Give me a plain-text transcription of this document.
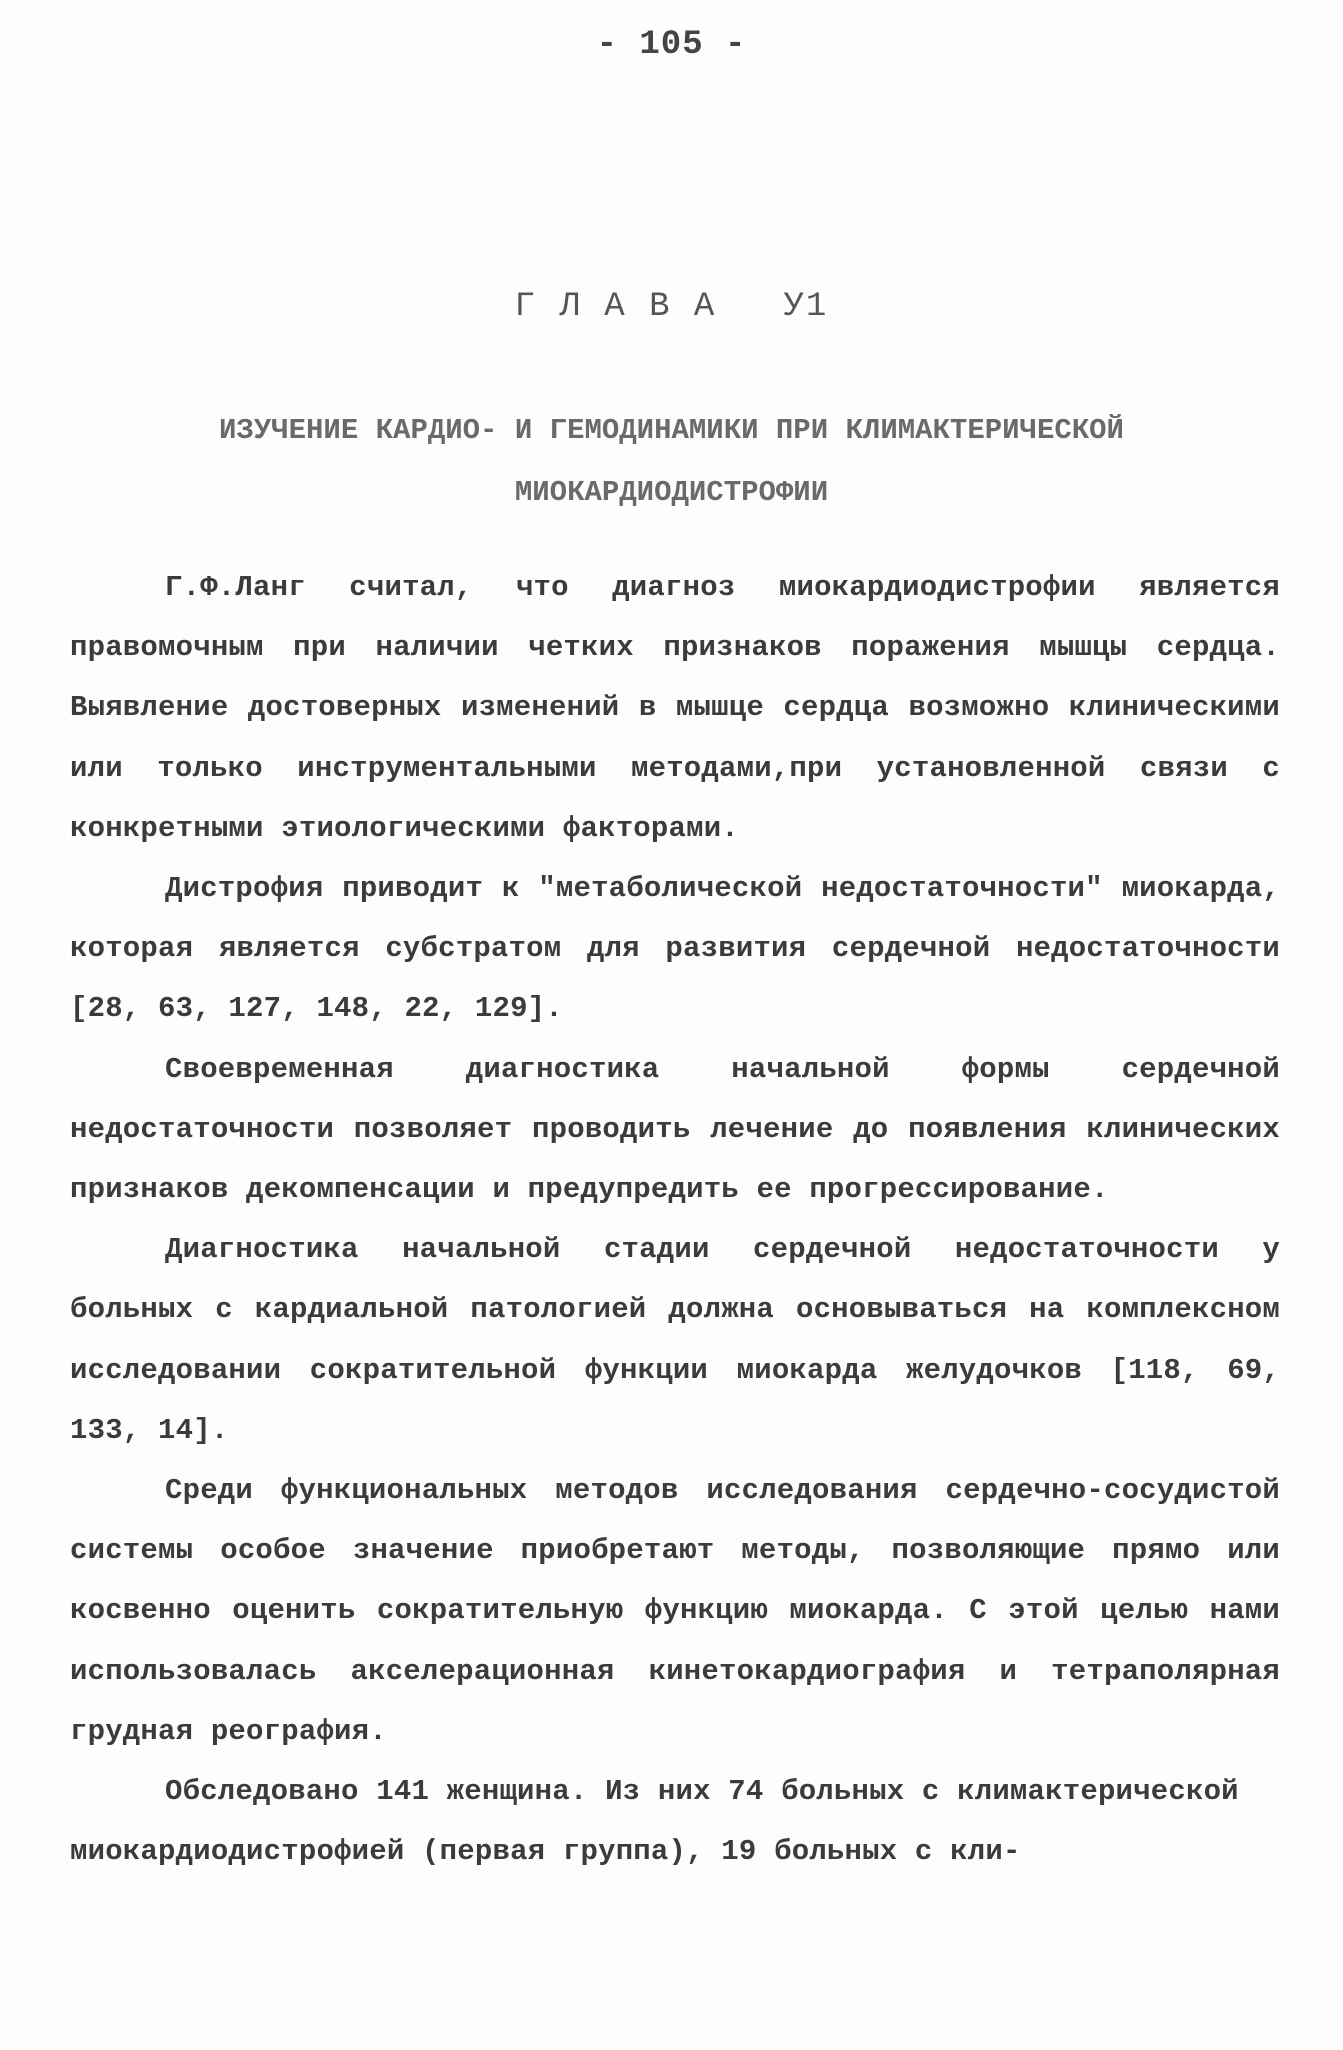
- 105 -
Г Л А В А   У1
ИЗУЧЕНИЕ КАРДИО- И ГЕМОДИНАМИКИ ПРИ КЛИМАКТЕРИЧЕСКОЙ МИОКАРДИОДИСТРОФИИ

Г.Ф.Ланг считал, что диагноз миокардиодистрофии является правомочным при наличии четких признаков поражения мышцы сердца. Выявление достоверных изменений в мышце сердца возможно клиническими или только инструментальными методами,при установленной связи с конкретными этиологическими факторами.

Дистрофия приводит к "метаболической недостаточности" миокарда, которая является субстратом для развития сердечной недостаточности [28, 63, 127, 148, 22, 129].

Своевременная диагностика начальной формы сердечной недостаточности позволяет проводить лечение до появления клинических признаков декомпенсации и предупредить ее прогрессирование.

Диагностика начальной стадии сердечной недостаточности у больных с кардиальной патологией должна основываться на комплексном исследовании сократительной функции миокарда желудочков [118, 69, 133, 14].

Среди функциональных методов исследования сердечно-сосудистой системы особое значение приобретают методы, позволяющие прямо или косвенно оценить сократительную функцию миокарда. С этой целью нами использовалась акселерационная кинетокардиография и тетраполярная грудная реография.

Обследовано 141 женщина. Из них 74 больных с климактерической миокардиодистрофией (первая группа), 19 больных с кли-
